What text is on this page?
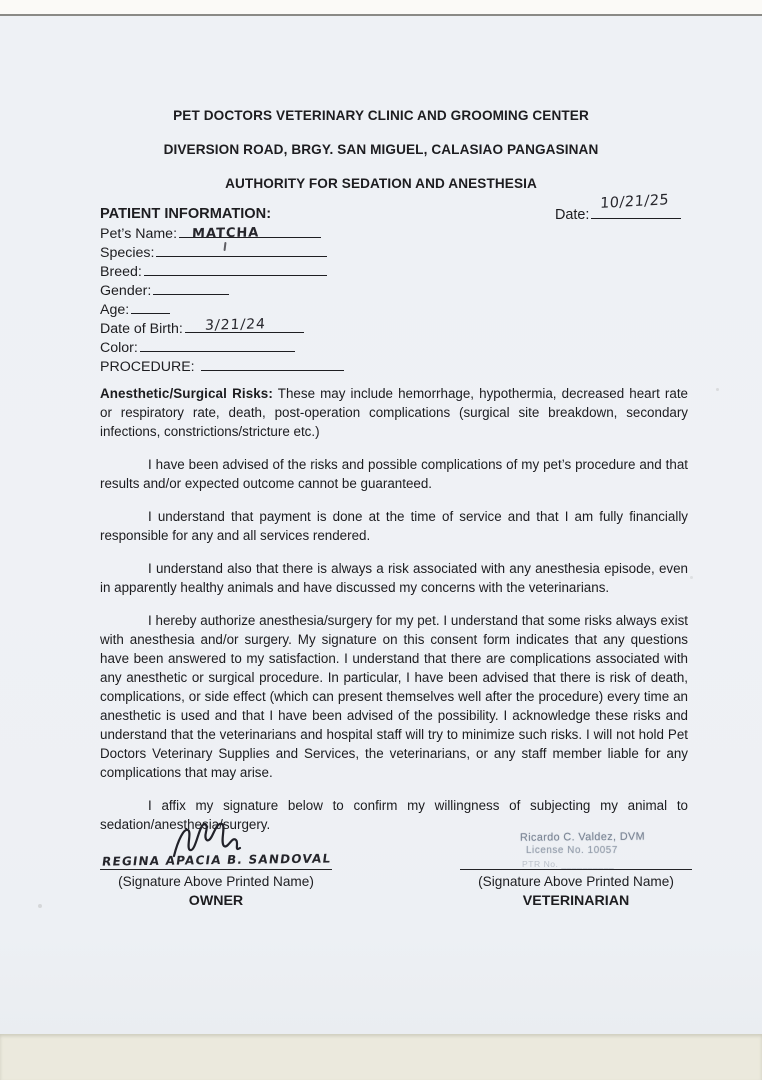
PET DOCTORS VETERINARY CLINIC AND GROOMING CENTER
DIVERSION ROAD, BRGY. SAN MIGUEL, CALASIAO PANGASINAN
AUTHORITY FOR SEDATION AND ANESTHESIA
PATIENT INFORMATION:	Date:
10/21/25
Pet’s Name:
Species:
Breed:
Gender:
Age:
Date of Birth:
Color:
PROCEDURE:
MATCHA
3/21/24

Anesthetic/Surgical Risks: These may include hemorrhage, hypothermia, decreased heart rate or respiratory rate, death, post-operation complications (surgical site breakdown, secondary infections, constrictions/stricture etc.)

I have been advised of the risks and possible complications of my pet’s procedure and that results and/or expected outcome cannot be guaranteed.

I understand that payment is done at the time of service and that I am fully financially responsible for any and all services rendered.

I understand also that there is always a risk associated with any anesthesia episode, even in apparently healthy animals and have discussed my concerns with the veterinarians.

I hereby authorize anesthesia/surgery for my pet. I understand that some risks always exist with anesthesia and/or surgery. My signature on this consent form indicates that any questions have been answered to my satisfaction. I understand that there are complications associated with any anesthetic or surgical procedure. In particular, I have been advised that there is risk of death, complications, or side effect (which can present themselves well after the procedure) every time an anesthetic is used and that I have been advised of the possibility. I acknowledge these risks and understand that the veterinarians and hospital staff will try to minimize such risks. I will not hold Pet Doctors Veterinary Supplies and Services, the veterinarians, or any staff member liable for any complications that may arise.

I affix my signature below to confirm my willingness of subjecting my animal to sedation/anesthesia/surgery.

REGINA APACIA B. SANDOVAL
(Signature Above Printed Name)
OWNER
Ricardo C. Valdez, DVM
License No. 10057
PTR No. __________
(Signature Above Printed Name)
VETERINARIAN
